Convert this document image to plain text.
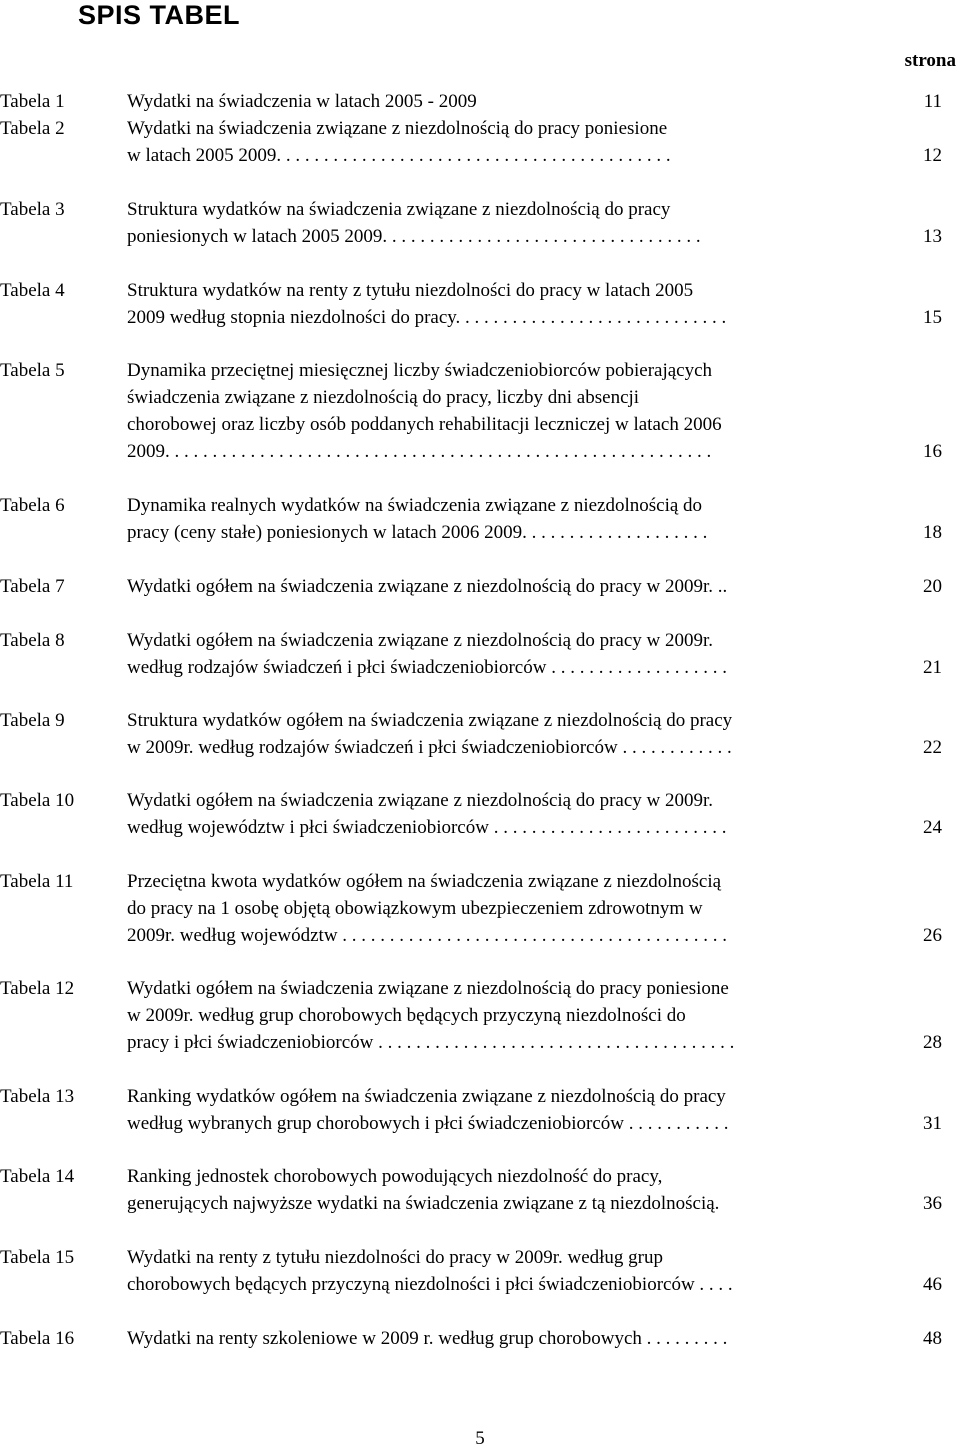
SPIS TABEL
strona
Tabela 1	Wydatki na świadczenia w latach 2005 - 2009	11
Tabela 2	Wydatki na świadczenia związane z niezdolnością do pracy poniesione
w latach 2005 2009. . . . . . . . . . . . . . . . . . . . . . . . . . . . . . . . . . . . . . . . . .	12
Tabela 3	Struktura wydatków na świadczenia związane z niezdolnością do pracy
poniesionych w latach 2005 2009. . . . . . . . . . . . . . . . . . . . . . . . . . . . . . . . . .	13
Tabela 4	Struktura wydatków na renty z tytułu niezdolności do pracy w latach 2005
2009 według stopnia niezdolności do pracy. . . . . . . . . . . . . . . . . . . . . . . . . . . . .	15
Tabela 5	Dynamika przeciętnej miesięcznej liczby świadczeniobiorców pobierających
świadczenia związane z niezdolnością do pracy, liczby dni absencji
chorobowej oraz liczby osób poddanych rehabilitacji leczniczej w latach 2006
2009. . . . . . . . . . . . . . . . . . . . . . . . . . . . . . . . . . . . . . . . . . . . . . . . . . . . . . . . . .	16
Tabela 6	Dynamika realnych wydatków na świadczenia związane z niezdolnością do
pracy (ceny stałe) poniesionych w latach 2006 2009. . . . . . . . . . . . . . . . . . . .	18
Tabela 7	Wydatki ogółem na świadczenia związane z niezdolnością do pracy w 2009r. ..	20
Tabela 8	Wydatki ogółem na świadczenia związane z niezdolnością do pracy w 2009r.
według rodzajów świadczeń i płci świadczeniobiorców . . . . . . . . . . . . . . . . . . .	21
Tabela 9	Struktura wydatków ogółem na świadczenia związane z niezdolnością do pracy
w 2009r. według rodzajów świadczeń i płci świadczeniobiorców . . . . . . . . . . . .	22
Tabela 10	Wydatki ogółem na świadczenia związane z niezdolnością do pracy w 2009r.
według województw i płci świadczeniobiorców . . . . . . . . . . . . . . . . . . . . . . . . .	24
Tabela 11	Przeciętna kwota wydatków ogółem na świadczenia związane z niezdolnością
do pracy na 1 osobę objętą obowiązkowym ubezpieczeniem zdrowotnym w
2009r. według województw . . . . . . . . . . . . . . . . . . . . . . . . . . . . . . . . . . . . . . . . .	26
Tabela 12	Wydatki ogółem na świadczenia związane z niezdolnością do pracy poniesione
w 2009r. według grup chorobowych będących przyczyną niezdolności do
pracy i płci świadczeniobiorców . . . . . . . . . . . . . . . . . . . . . . . . . . . . . . . . . . . . . .	28
Tabela 13	Ranking wydatków ogółem na świadczenia związane z niezdolnością do pracy
według wybranych grup chorobowych i płci świadczeniobiorców . . . . . . . . . . .	31
Tabela 14	Ranking jednostek chorobowych powodujących niezdolność do pracy,
generujących najwyższe wydatki na świadczenia związane z tą niezdolnością.	36
Tabela 15	Wydatki na renty z tytułu niezdolności do pracy w 2009r. według grup
chorobowych będących przyczyną niezdolności i płci świadczeniobiorców . . . .	46
Tabela 16	Wydatki na renty szkoleniowe w 2009 r. według grup chorobowych . . . . . . . . .	48
5
